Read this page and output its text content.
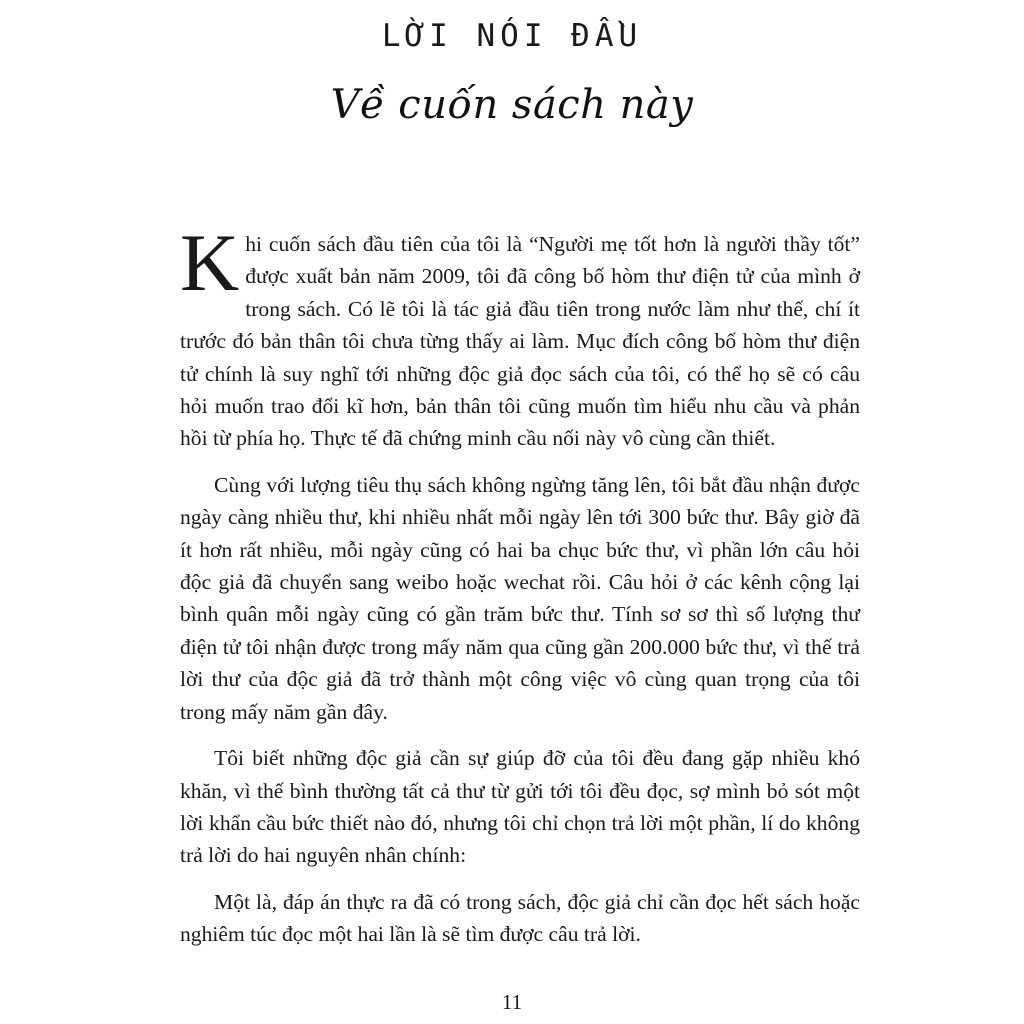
LỜI NÓI ĐẦU
Về cuốn sách này

Khi cuốn sách đầu tiên của tôi là “Người mẹ tốt hơn là người thầy tốt” được xuất bản năm 2009, tôi đã công bố hòm thư điện tử của mình ở trong sách. Có lẽ tôi là tác giả đầu tiên trong nước làm như thế, chí ít trước đó bản thân tôi chưa từng thấy ai làm. Mục đích công bố hòm thư điện tử chính là suy nghĩ tới những độc giả đọc sách của tôi, có thể họ sẽ có câu hỏi muốn trao đổi kĩ hơn, bản thân tôi cũng muốn tìm hiểu nhu cầu và phản hồi từ phía họ. Thực tế đã chứng minh cầu nối này vô cùng cần thiết.

Cùng với lượng tiêu thụ sách không ngừng tăng lên, tôi bắt đầu nhận được ngày càng nhiều thư, khi nhiều nhất mỗi ngày lên tới 300 bức thư. Bây giờ đã ít hơn rất nhiều, mỗi ngày cũng có hai ba chục bức thư, vì phần lớn câu hỏi độc giả đã chuyển sang weibo hoặc wechat rồi. Câu hỏi ở các kênh cộng lại bình quân mỗi ngày cũng có gần trăm bức thư. Tính sơ sơ thì số lượng thư điện tử tôi nhận được trong mấy năm qua cũng gần 200.000 bức thư, vì thế trả lời thư của độc giả đã trở thành một công việc vô cùng quan trọng của tôi trong mấy năm gần đây.

Tôi biết những độc giả cần sự giúp đỡ của tôi đều đang gặp nhiều khó khăn, vì thế bình thường tất cả thư từ gửi tới tôi đều đọc, sợ mình bỏ sót một lời khẩn cầu bức thiết nào đó, nhưng tôi chỉ chọn trả lời một phần, lí do không trả lời do hai nguyên nhân chính:

Một là, đáp án thực ra đã có trong sách, độc giả chỉ cần đọc hết sách hoặc nghiêm túc đọc một hai lần là sẽ tìm được câu trả lời.

11
